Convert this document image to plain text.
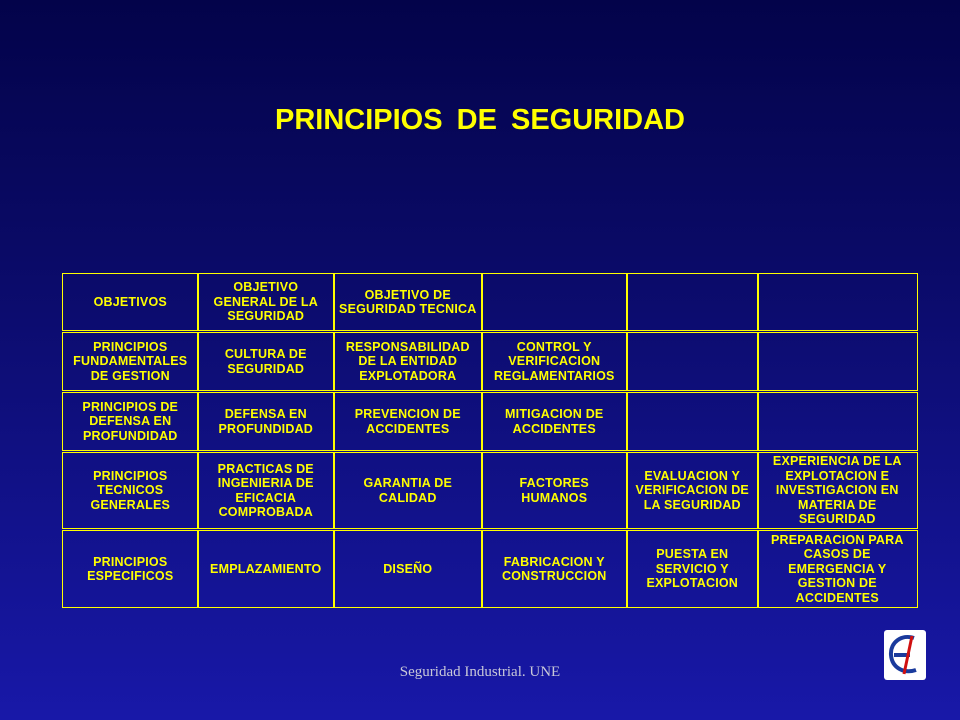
PRINCIPIOS DE SEGURIDAD
OBJETIVOS
OBJETIVO GENERAL DE LA SEGURIDAD
OBJETIVO DE SEGURIDAD TECNICA
PRINCIPIOS FUNDAMENTALES DE GESTION
CULTURA DE SEGURIDAD
RESPONSABILIDAD DE LA ENTIDAD EXPLOTADORA
CONTROL Y VERIFICACION REGLAMENTARIOS
PRINCIPIOS DE DEFENSA EN PROFUNDIDAD
DEFENSA EN PROFUNDIDAD
PREVENCION DE ACCIDENTES
MITIGACION DE ACCIDENTES
PRINCIPIOS TECNICOS GENERALES
PRACTICAS DE INGENIERIA DE EFICACIA COMPROBADA
GARANTIA DE CALIDAD
FACTORES HUMANOS
EVALUACION Y VERIFICACION DE LA SEGURIDAD
EXPERIENCIA DE LA EXPLOTACION E INVESTIGACION EN MATERIA DE SEGURIDAD
PRINCIPIOS ESPECIFICOS
EMPLAZAMIENTO	DISEÑO
FABRICACION Y CONSTRUCCION
PUESTA EN SERVICIO Y EXPLOTACION
PREPARACION PARA CASOS DE EMERGENCIA Y GESTION DE ACCIDENTES
Seguridad Industrial. UNE
